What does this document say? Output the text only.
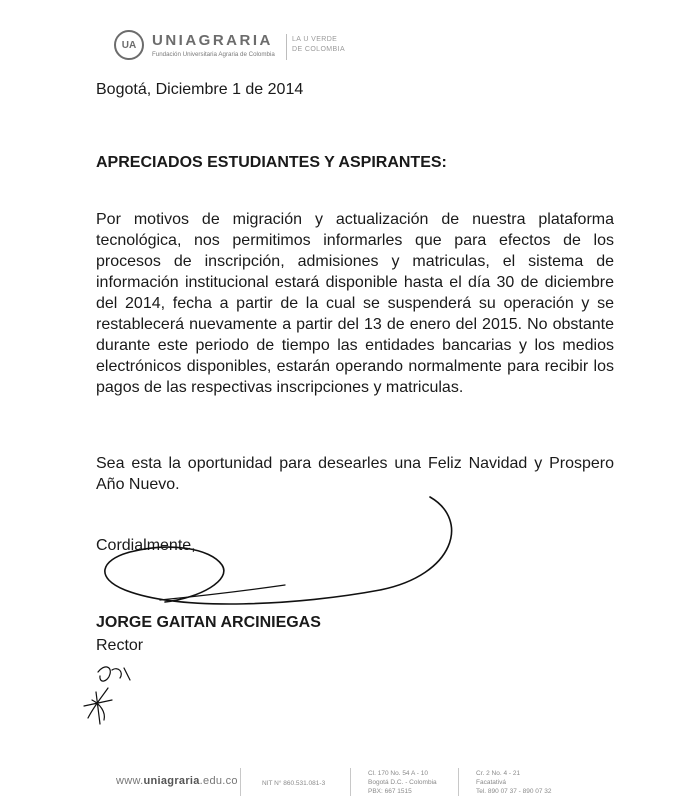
UA	UNIAGRARIA
Fundación Universitaria Agraria de Colombia
LA U VERDE
DE COLOMBIA
Bogotá, Diciembre 1 de 2014
APRECIADOS ESTUDIANTES Y ASPIRANTES:

Por motivos de migración y actualización de nuestra plataforma tecnológica, nos permitimos informarles que para efectos de los procesos de inscripción, admisiones y matriculas, el sistema de información institucional estará disponible hasta el día 30 de diciembre del 2014, fecha a partir de la cual se suspenderá su operación y se restablecerá nuevamente a partir del 13 de enero del 2015. No obstante durante este periodo de tiempo las entidades bancarias y los medios electrónicos disponibles, estarán operando normalmente para recibir los pagos de las respectivas inscripciones y matriculas.

Sea esta la oportunidad para desearles una Feliz Navidad y Prospero Año Nuevo.

Cordialmente,
JORGE GAITAN ARCINIEGAS
Rector
www.uniagraria.edu.co	NIT N° 860.531.081-3
Cl. 170 No. 54 A - 10
Bogotá D.C. - Colombia
PBX: 667 1515
Cr. 2 No. 4 - 21
Facatativá
Tel. 890 07 37 - 890 07 32
